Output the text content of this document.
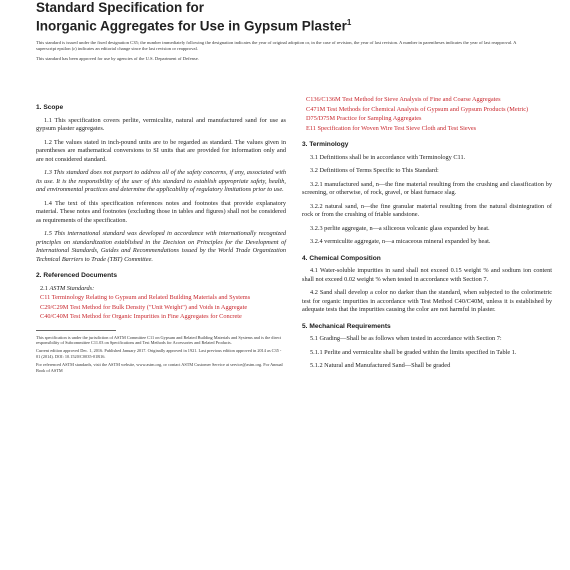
Standard Specification for
Inorganic Aggregates for Use in Gypsum Plaster$^1$

This standard is issued under the fixed designation C35; the number immediately following the designation indicates the year of original adoption or, in the case of revision, the year of last revision. A number in parentheses indicates the year of last reapproval. A superscript epsilon (ε) indicates an editorial change since the last revision or reapproval.

This standard has been approved for use by agencies of the U.S. Department of Defense.

1. Scope

1.1 This specification covers perlite, vermiculite, natural and manufactured sand for use as gypsum plaster aggregates.

1.2 The values stated in inch-pound units are to be regarded as standard. The values given in parentheses are mathematical conversions to SI units that are provided for information only and are not considered standard.

1.3 This standard does not purport to address all of the safety concerns, if any, associated with its use. It is the responsibility of the user of this standard to establish appropriate safety, health, and environmental practices and determine the applicability of regulatory limitations prior to use.

1.4 The text of this specification references notes and footnotes that provide explanatory material. These notes and footnotes (excluding those in tables and figures) shall not be considered as requirements of the specification.

1.5 This international standard was developed in accordance with internationally recognized principles on standardization established in the Decision on Principles for the Development of International Standards, Guides and Recommendations issued by the World Trade Organization Technical Barriers to Trade (TBT) Committee.

2. Referenced Documents

2.1 ASTM Standards:

C11 Terminology Relating to Gypsum and Related Building Materials and Systems

C29/C29M Test Method for Bulk Density ("Unit Weight") and Voids in Aggregate

C40/C40M Test Method for Organic Impurities in Fine Aggregates for Concrete

This specification is under the jurisdiction of ASTM Committee C11 on Gypsum and Related Building Materials and Systems and is the direct responsibility of Subcommittee C11.03 on Specifications and Test Methods for Accessories and Related Products.

Current edition approved Dec. 1, 2016. Published January 2017. Originally approved in 1921. Last previous edition approved in 2014 as C35 - 01 (2014). DOI: 10.1520/C0035-01R16.

For referenced ASTM standards, visit the ASTM website, www.astm.org, or contact ASTM Customer Service at service@astm.org. For Annual Book of ASTM

C136/C136M Test Method for Sieve Analysis of Fine and Coarse Aggregates

C471M Test Methods for Chemical Analysis of Gypsum and Gypsum Products (Metric)

D75/D75M Practice for Sampling Aggregates

E11 Specification for Woven Wire Test Sieve Cloth and Test Sieves

3. Terminology

3.1 Definitions shall be in accordance with Terminology C11.

3.2 Definitions of Terms Specific to This Standard:

3.2.1 manufactured sand, n—the fine material resulting from the crushing and classification by screening, or otherwise, of rock, gravel, or blast furnace slag.

3.2.2 natural sand, n—the fine granular material resulting from the natural disintegration of rock or from the crushing of friable sandstone.

3.2.3 perlite aggregate, n—a siliceous volcanic glass expanded by heat.

3.2.4 vermiculite aggregate, n—a micaceous mineral expanded by heat.

4. Chemical Composition

4.1 Water-soluble impurities in sand shall not exceed 0.15 weight % and sodium ion content shall not exceed 0.02 weight % when tested in accordance with Section 7.

4.2 Sand shall develop a color no darker than the standard, when subjected to the colorimetric test for organic impurities in accordance with Test Method C40/C40M, unless it is established by adequate tests that the impurities causing the color are not harmful in plaster.

5. Mechanical Requirements

5.1 Grading—Shall be as follows when tested in accordance with Section 7:

5.1.1 Perlite and vermiculite shall be graded within the limits specified in Table 1.

5.1.2 Natural and Manufactured Sand—Shall be graded
